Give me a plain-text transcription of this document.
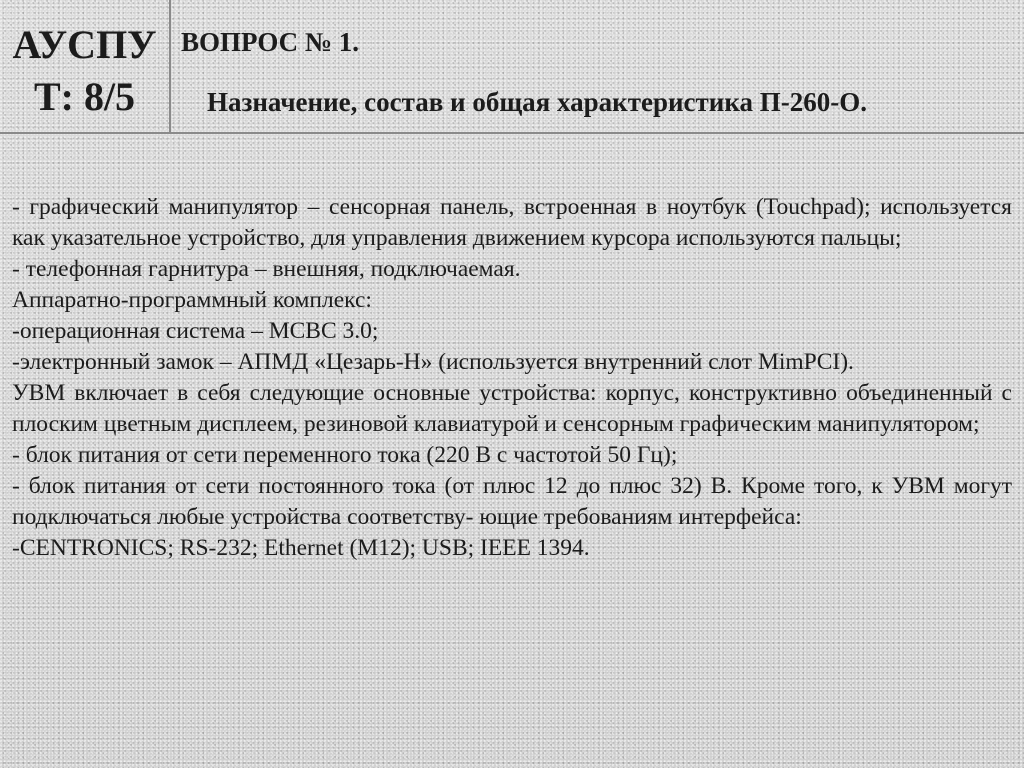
АУСПУ
Т: 8/5
ВОПРОС № 1.
Назначение, состав и общая характеристика П-260-О.

- графический манипулятор – сенсорная панель, встроенная в ноутбук (Touchpad); используется как указательное устройство, для управления движением курсора используются пальцы;

- телефонная гарнитура – внешняя, подключаемая.

Аппаратно-программный комплекс:

-операционная система – МСВС 3.0;

-электронный замок – АПМД «Цезарь-Н» (используется внутренний слот MimPCI).

УВМ включает в себя следующие основные устройства: корпус, конструктивно объединенный с плоским цветным дисплеем, резиновой клавиатурой и сенсорным графическим манипулятором;

- блок питания от сети переменного тока (220 В с частотой 50 Гц);

- блок питания от сети постоянного тока (от плюс 12 до плюс 32) В. Кроме того, к УВМ могут подключаться любые устройства соответству- ющие требованиям интерфейса:

-CENTRONICS; RS-232; Ethernet (М12); USB; IEEE 1394.
